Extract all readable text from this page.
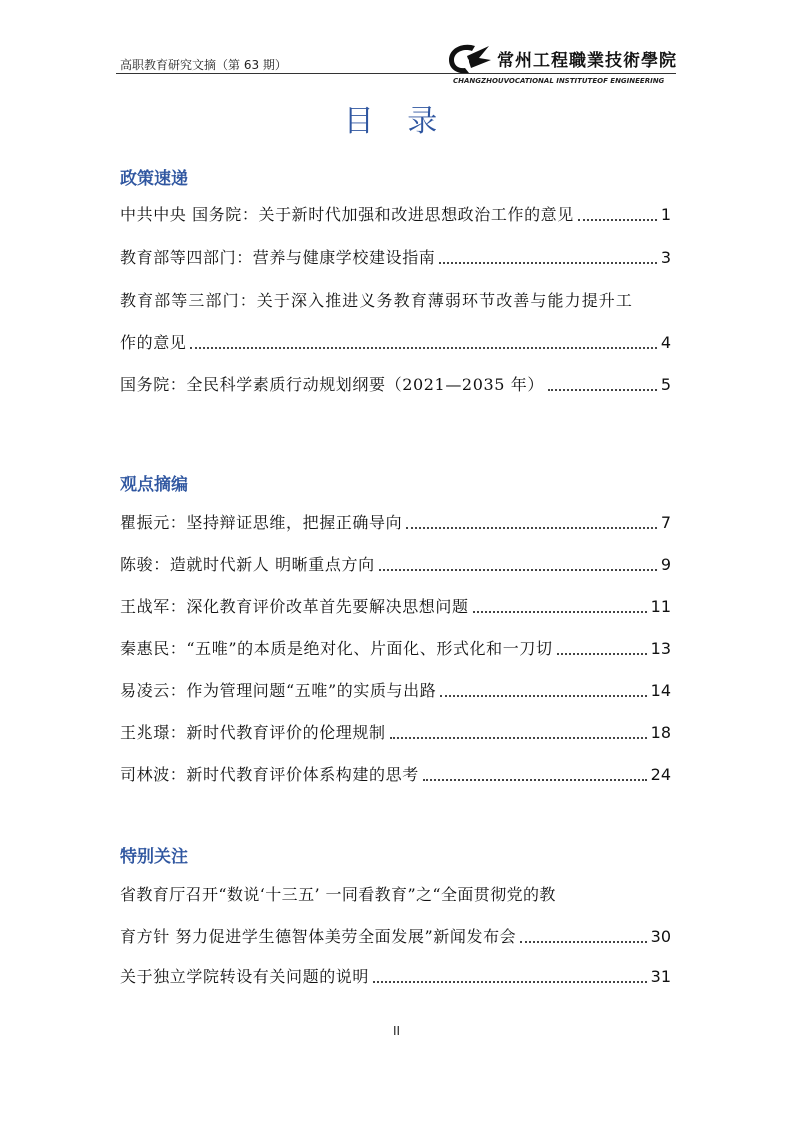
高职教育研究文摘（第 63 期）	常州工程職業技術學院
CHANGZHOUVOCATIONAL INSTITUTEOF ENGINEERING
目 录
政策速递
中共中央 国务院：关于新时代加强和改进思想政治工作的意见	1
教育部等四部门：营养与健康学校建设指南	3
教育部等三部门：关于深入推进义务教育薄弱环节改善与能力提升工
作的意见	4
国务院：全民科学素质行动规划纲要（2021—2035 年）	5
观点摘编
瞿振元：坚持辩证思维，把握正确导向	7
陈骏：造就时代新人 明晰重点方向	9
王战军：深化教育评价改革首先要解决思想问题	11
秦惠民：“五唯”的本质是绝对化、片面化、形式化和一刀切	13
易凌云：作为管理问题“五唯”的实质与出路	14
王兆璟：新时代教育评价的伦理规制	18
司林波：新时代教育评价体系构建的思考	24
特别关注
省教育厅召开“数说‘十三五’ 一同看教育”之“全面贯彻党的教
育方针 努力促进学生德智体美劳全面发展”新闻发布会	30
关于独立学院转设有关问题的说明	31
II
